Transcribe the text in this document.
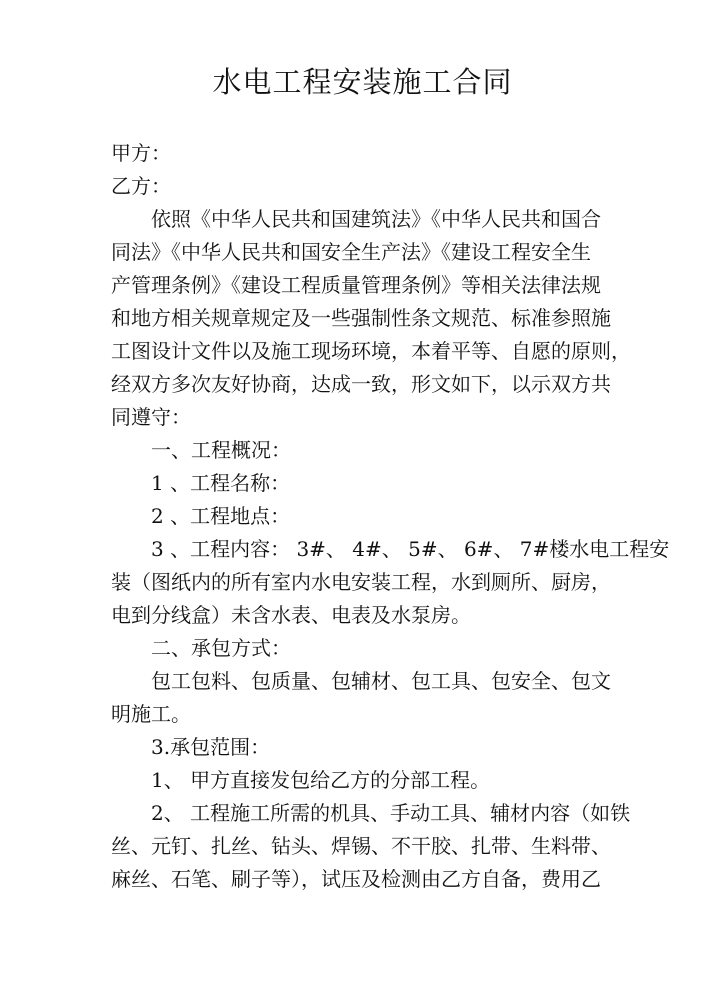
水电工程安装施工合同
甲方：
乙方：
依照《中华人民共和国建筑法》《中华人民共和国合
同法》《中华人民共和国安全生产法》《建设工程安全生
产管理条例》《建设工程质量管理条例》等相关法律法规
和地方相关规章规定及一些强制性条文规范、标准参照施
工图设计文件以及施工现场环境，本着平等、自愿的原则，
经双方多次友好协商，达成一致，形文如下，以示双方共
同遵守：
一、工程概况：
1 、工程名称：
2 、工程地点：
3 、工程内容： 3#、 4#、 5#、 6#、 7#楼水电工程安
装（图纸内的所有室内水电安装工程，水到厕所、厨房，
电到分线盒）未含水表、电表及水泵房。
二、承包方式：
包工包料、包质量、包辅材、包工具、包安全、包文
明施工。
3.承包范围：
1、 甲方直接发包给乙方的分部工程。
2、 工程施工所需的机具、手动工具、辅材内容（如铁
丝、元钉、扎丝、钻头、焊锡、不干胶、扎带、生料带、
麻丝、石笔、刷子等），试压及检测由乙方自备，费用乙
